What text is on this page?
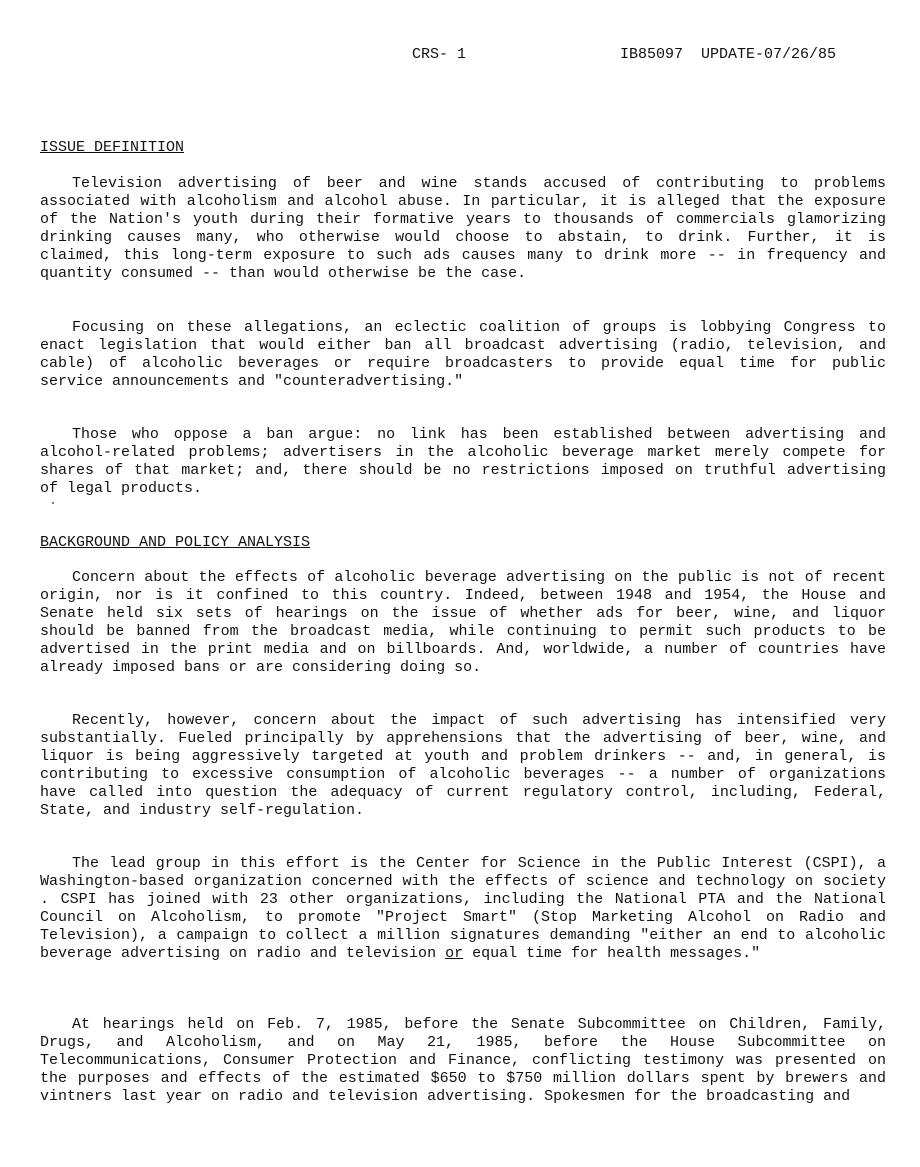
CRS- 1	IB85097  UPDATE-07/26/85
ISSUE DEFINITION
Television advertising of beer and wine stands accused of contributing to problems associated with alcoholism and alcohol abuse. In particular, it is alleged that the exposure of the Nation's youth during their formative years to thousands of commercials glamorizing drinking causes many, who otherwise would choose to abstain, to drink. Further, it is claimed, this long-term exposure to such ads causes many to drink more -- in frequency and quantity consumed -- than would otherwise be the case.
Focusing on these allegations, an eclectic coalition of groups is lobbying Congress to enact legislation that would either ban all broadcast advertising (radio, television, and cable) of alcoholic beverages or require broadcasters to provide equal time for public service announcements and "counteradvertising."
Those who oppose a ban argue: no link has been established between advertising and alcohol-related problems; advertisers in the alcoholic beverage market merely compete for shares of that market; and, there should be no restrictions imposed on truthful advertising of legal products.
BACKGROUND AND POLICY ANALYSIS
Concern about the effects of alcoholic beverage advertising on the public is not of recent origin, nor is it confined to this country. Indeed, between 1948 and 1954, the House and Senate held six sets of hearings on the issue of whether ads for beer, wine, and liquor should be banned from the broadcast media, while continuing to permit such products to be advertised in the print media and on billboards. And, worldwide, a number of countries have already imposed bans or are considering doing so.
Recently, however, concern about the impact of such advertising has intensified very substantially. Fueled principally by apprehensions that the advertising of beer, wine, and liquor is being aggressively targeted at youth and problem drinkers -- and, in general, is contributing to excessive consumption of alcoholic beverages -- a number of organizations have called into question the adequacy of current regulatory control, including, Federal, State, and industry self-regulation.
The lead group in this effort is the Center for Science in the Public Interest (CSPI), a Washington-based organization concerned with the effects of science and technology on society . CSPI has joined with 23 other organizations, including the National PTA and the National Council on Alcoholism, to promote "Project Smart" (Stop Marketing Alcohol on Radio and Television), a campaign to collect a million signatures demanding "either an end to alcoholic beverage advertising on radio and television or equal time for health messages."
At hearings held on Feb. 7, 1985, before the Senate Subcommittee on Children, Family, Drugs, and Alcoholism, and on May 21, 1985, before the House Subcommittee on Telecommunications, Consumer Protection and Finance, conflicting testimony was presented on the purposes and effects of the estimated $650 to $750 million dollars spent by brewers and vintners last year on radio and television advertising. Spokesmen for the broadcasting and
